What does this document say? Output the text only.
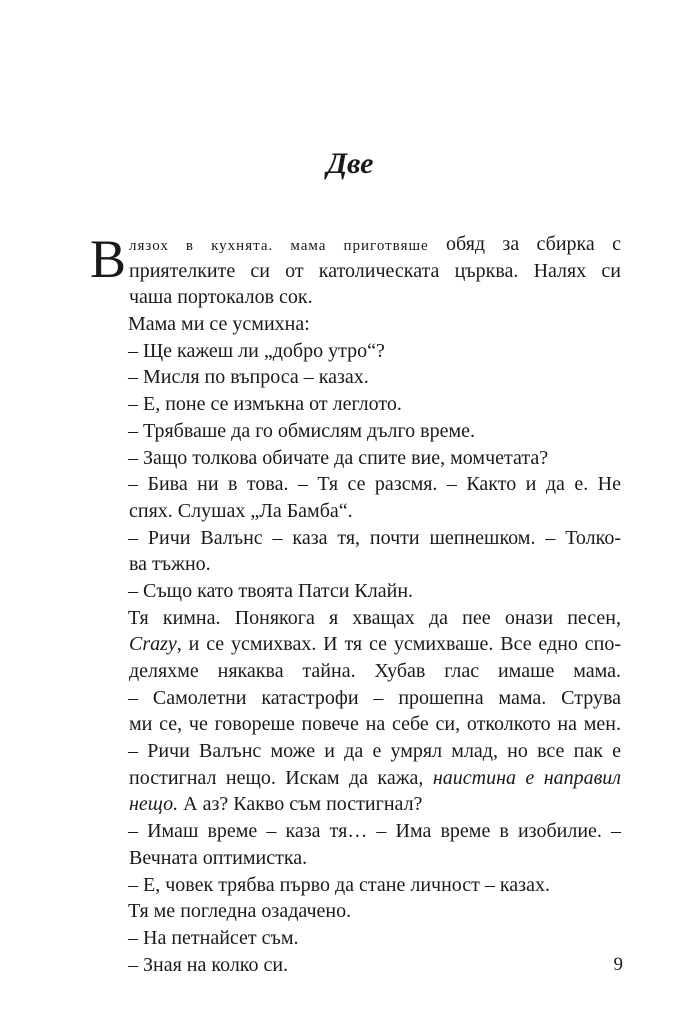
Две
В лязох в кухнята. мама приготвяше обяд за сбирка с
приятелките си от католическата църква. Налях си
чаша портокалов сок.
Мама ми се усмихна:
– Ще кажеш ли „добро утро“?
– Мисля по въпроса – казах.
– Е, поне се измъкна от леглото.
– Трябваше да го обмислям дълго време.
– Защо толкова обичате да спите вие, момчетата?
– Бива ни в това. – Тя се разсмя. – Както и да е. Не
спях. Слушах „Ла Бамба“.
– Ричи Валънс – каза тя, почти шепнешком. – Толко-
ва тъжно.
– Също като твоята Патси Клайн.
Тя кимна. Понякога я хващах да пее онази песен,
Crazy, и се усмихвах. И тя се усмихваше. Все едно спо-
деляхме някаква тайна. Хубав глас имаше мама.
– Самолетни катастрофи – прошепна мама. Струва
ми се, че говореше повече на себе си, отколкото на мен.
– Ричи Валънс може и да е умрял млад, но все пак е
постигнал нещо. Искам да кажа, наистина е направил
нещо. А аз? Какво съм постигнал?
– Имаш време – каза тя… – Има време в изобилие. –
Вечната оптимистка.
– Е, човек трябва първо да стане личност – казах.
Тя ме погледна озадачено.
– На петнайсет съм.
– Зная на колко си.	9
